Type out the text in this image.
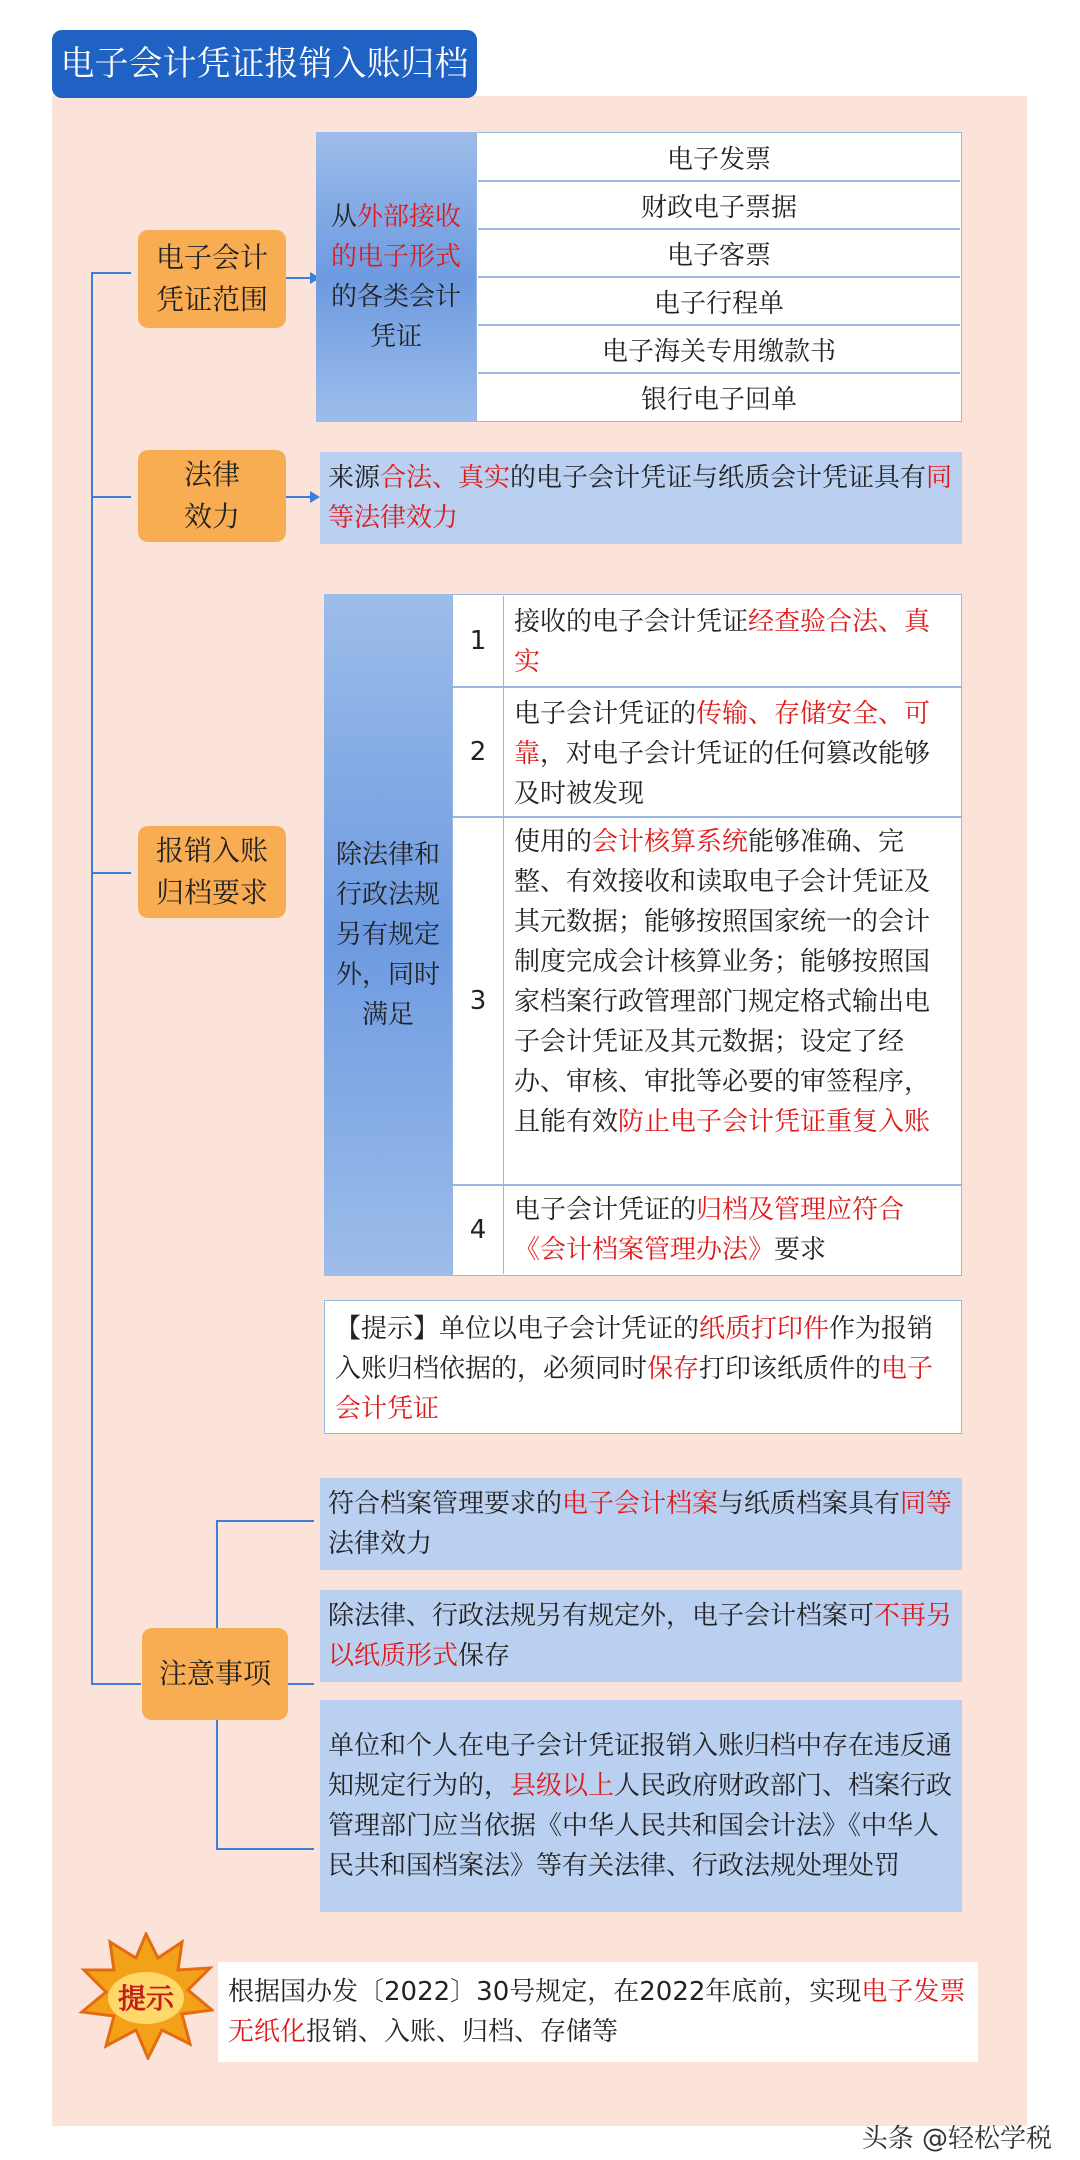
电子会计凭证报销入账归档
电子会计
凭证范围
从外部接收的电子形式的各类会计凭证
电子发票
财政电子票据
电子客票
电子行程单
电子海关专用缴款书
银行电子回单
法律
效力
来源合法、真实的电子会计凭证与纸质会计凭证具有同等法律效力
报销入账
归档要求
除法律和行政法规另有规定外，同时满足
1
接收的电子会计凭证经查验合法、真实
2
电子会计凭证的传输、存储安全、可靠，对电子会计凭证的任何篡改能够及时被发现
3
使用的会计核算系统能够准确、完整、有效接收和读取电子会计凭证及其元数据；能够按照国家统一的会计制度完成会计核算业务；能够按照国家档案行政管理部门规定格式输出电子会计凭证及其元数据；设定了经办、审核、审批等必要的审签程序，且能有效防止电子会计凭证重复入账
4
电子会计凭证的归档及管理应符合《会计档案管理办法》要求
【提示】单位以电子会计凭证的纸质打印件作为报销入账归档依据的，必须同时保存打印该纸质件的电子会计凭证
注意事项
符合档案管理要求的电子会计档案与纸质档案具有同等法律效力
除法律、行政法规另有规定外，电子会计档案可不再另以纸质形式保存
单位和个人在电子会计凭证报销入账归档中存在违反通知规定行为的，县级以上人民政府财政部门、档案行政管理部门应当依据《中华人民共和国会计法》《中华人民共和国档案法》等有关法律、行政法规处理处罚
提示	根据国办发〔2022〕30号规定，在2022年底前，实现电子发票无纸化报销、入账、归档、存储等
头条 @轻松学税
